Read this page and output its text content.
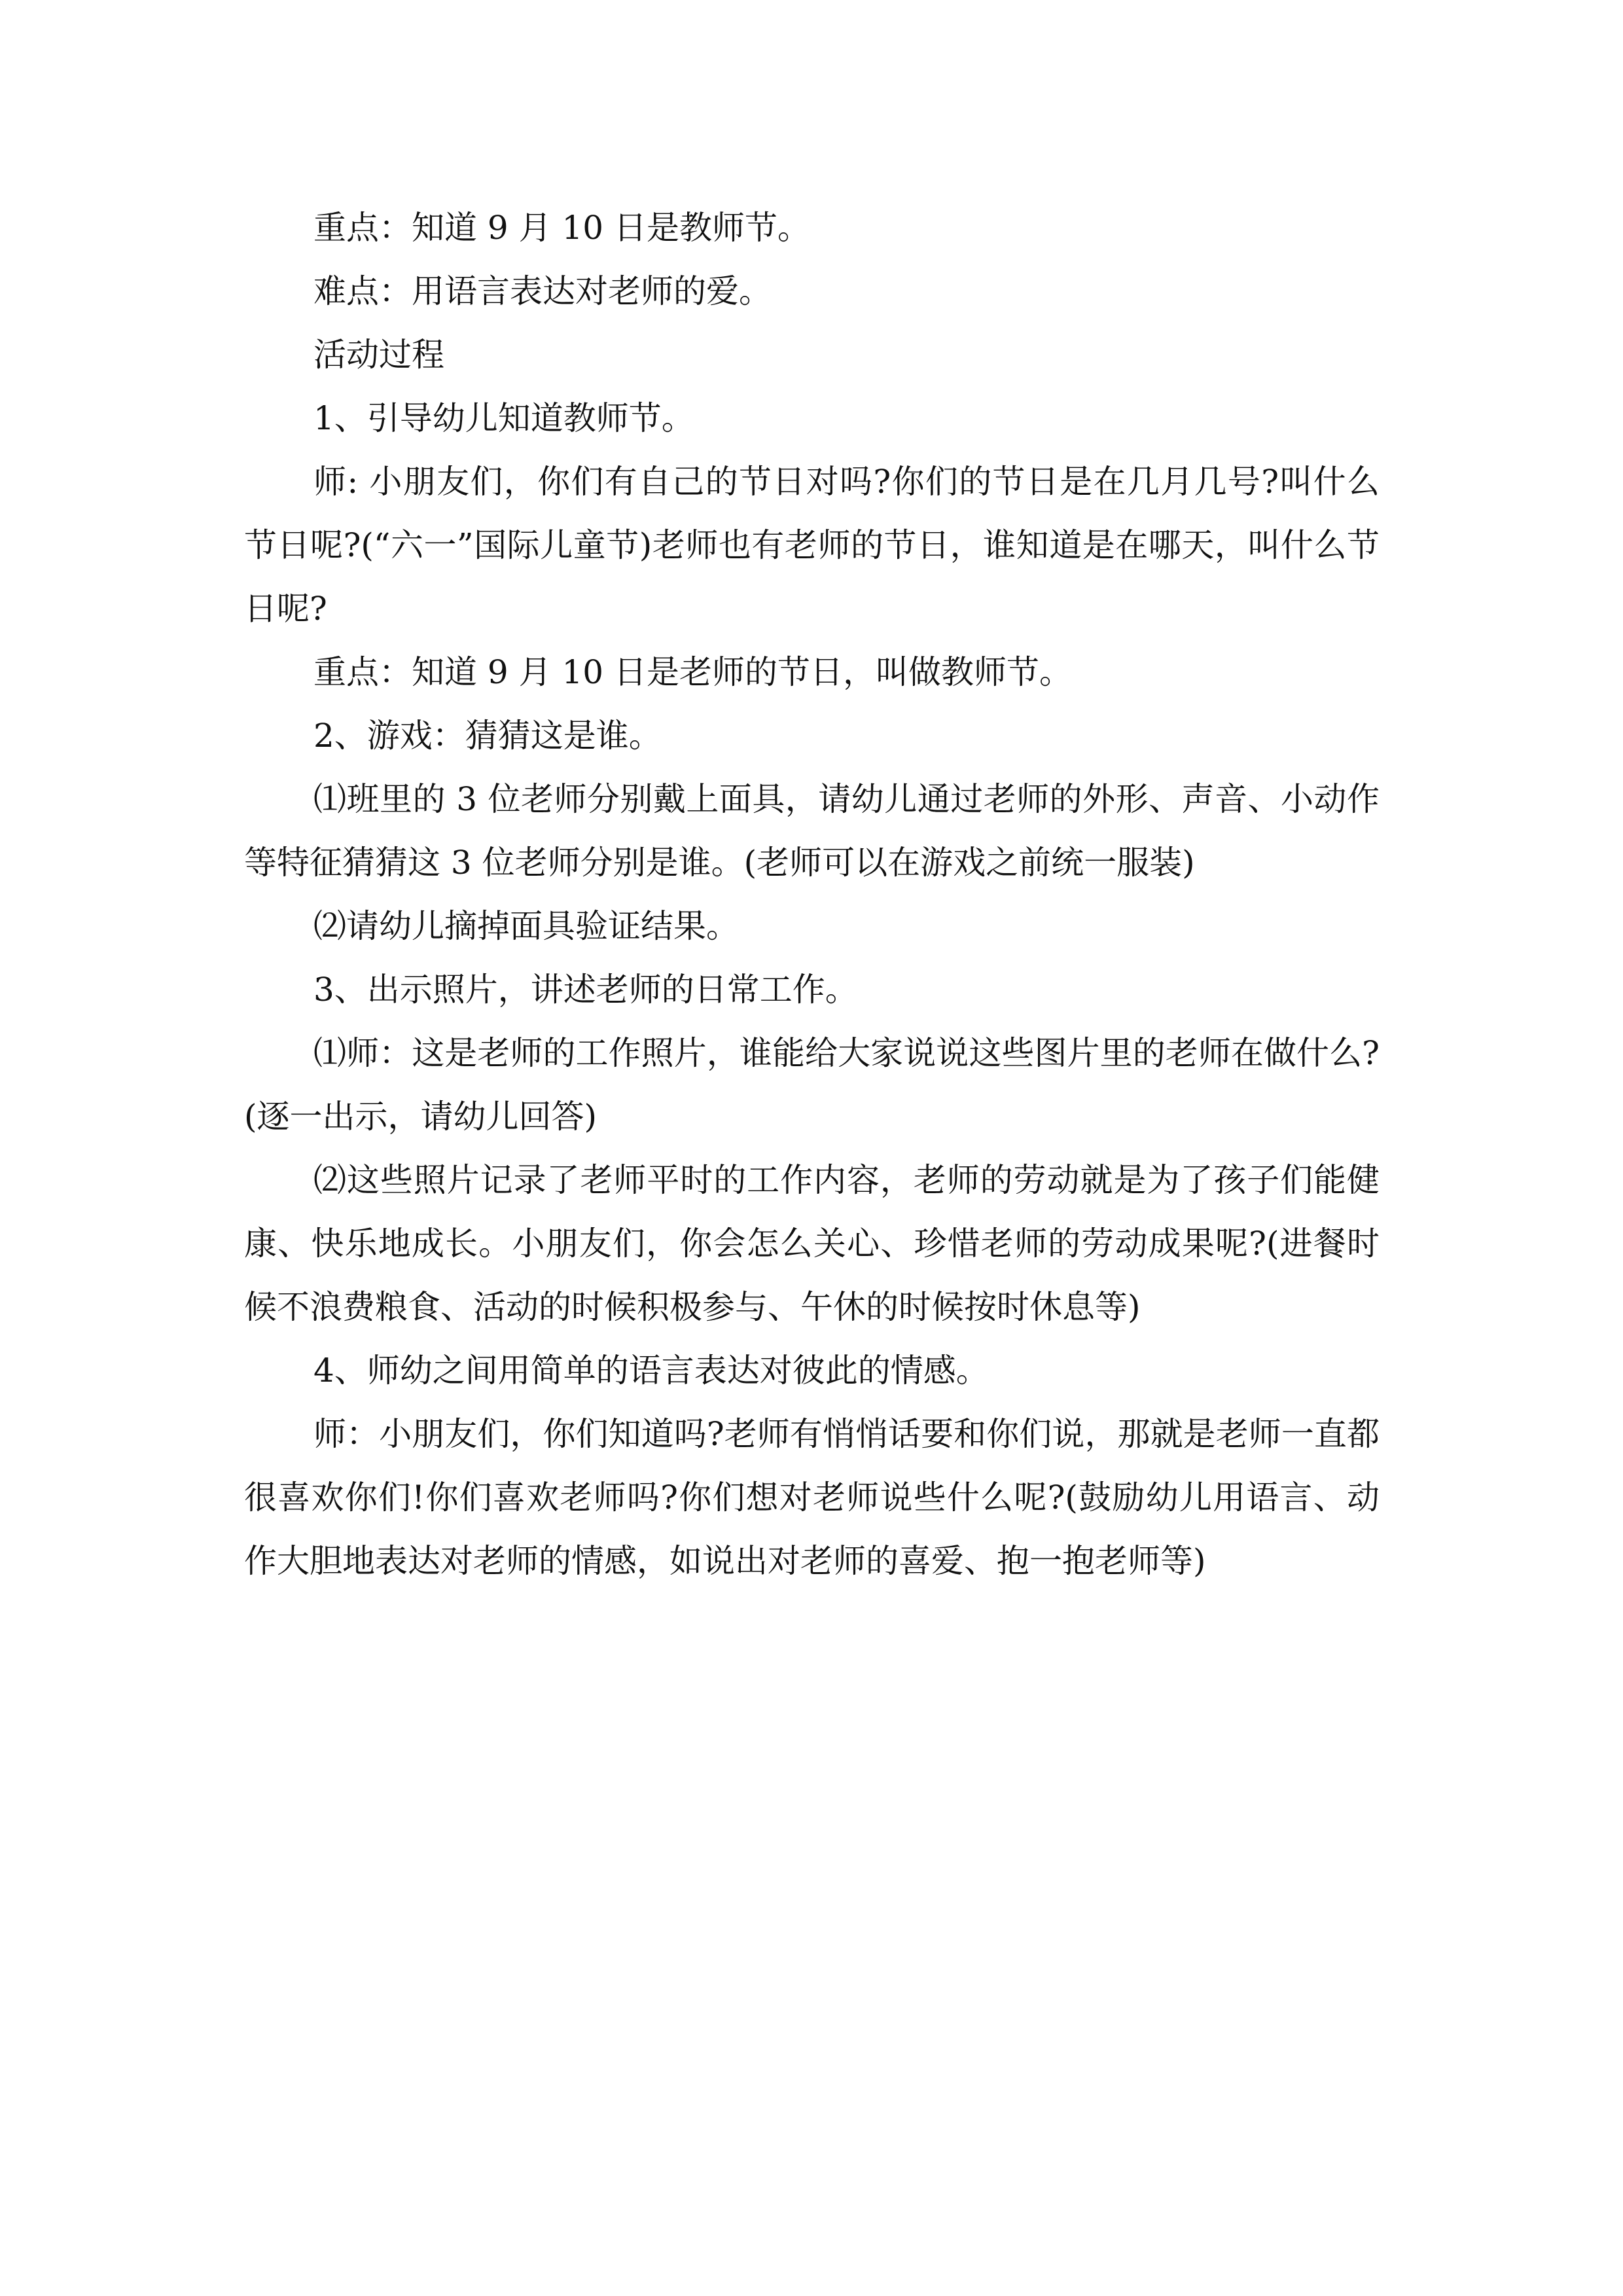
重点：知道 9 月 10 日是教师节。

难点：用语言表达对老师的爱。

活动过程

1、引导幼儿知道教师节。

师: 小朋友们，你们有自己的节日对吗?你们的节日是在几月几号?叫什么节日呢?(“六一”国际儿童节)老师也有老师的节日，谁知道是在哪天，叫什么节日呢?

重点：知道 9 月 10 日是老师的节日，叫做教师节。

2、游戏：猜猜这是谁。

⑴班里的 3 位老师分别戴上面具，请幼儿通过老师的外形、声音、小动作等特征猜猜这 3 位老师分别是谁。(老师可以在游戏之前统一服装)

⑵请幼儿摘掉面具验证结果。

3、出示照片，讲述老师的日常工作。

⑴师：这是老师的工作照片，谁能给大家说说这些图片里的老师在做什么?(逐一出示，请幼儿回答)

⑵这些照片记录了老师平时的工作内容，老师的劳动就是为了孩子们能健康、快乐地成长。小朋友们，你会怎么关心、珍惜老师的劳动成果呢?(进餐时候不浪费粮食、活动的时候积极参与、午休的时候按时休息等)

4、师幼之间用简单的语言表达对彼此的情感。

师：小朋友们，你们知道吗?老师有悄悄话要和你们说，那就是老师一直都很喜欢你们!你们喜欢老师吗?你们想对老师说些什么呢?(鼓励幼儿用语言、动作大胆地表达对老师的情感，如说出对老师的喜爱、抱一抱老师等)
